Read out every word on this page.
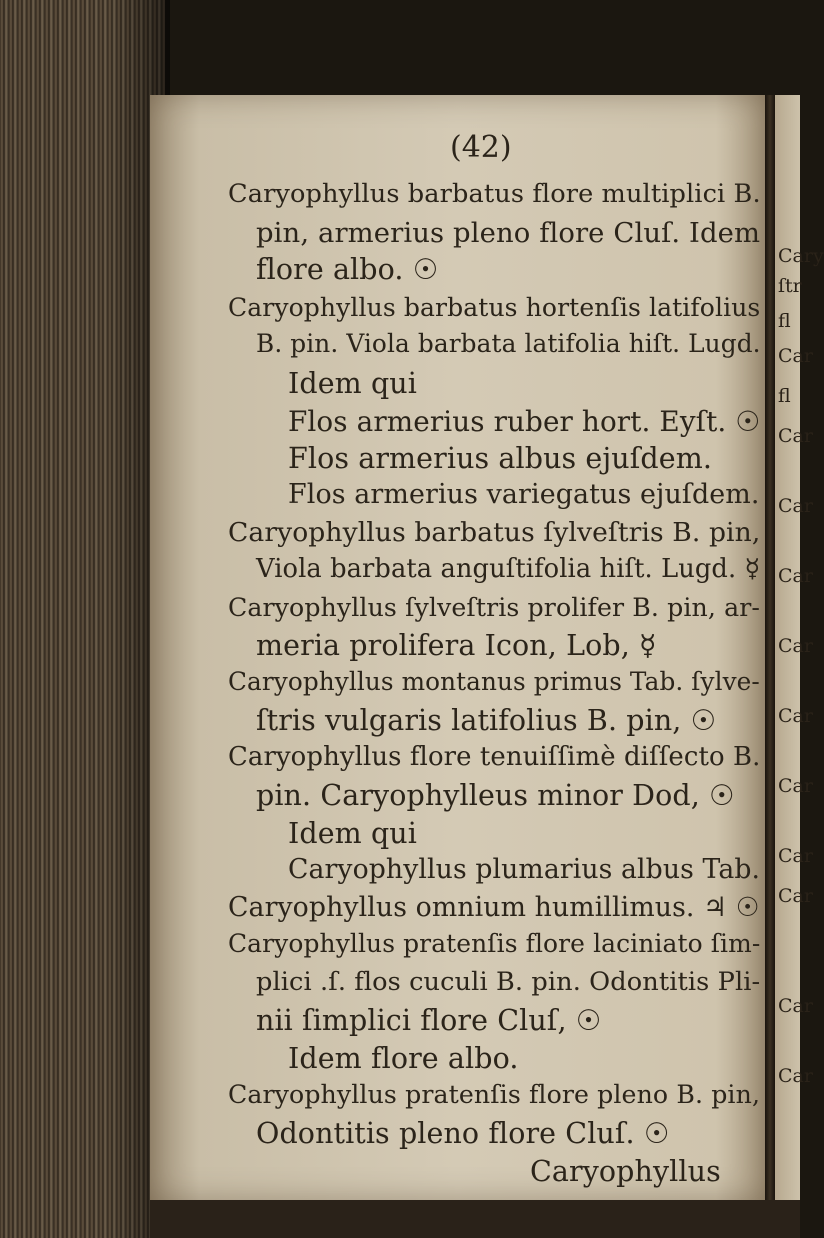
Cary
ſtr
fl
Car
fl
Car
Car
Car
Car
Car
Car
Car
Car
Car
Car

(42)

Caryophyllus barbatus flore multiplici B.

pin, armerius pleno flore Cluſ. Idem

flore albo. ☉

Caryophyllus barbatus hortenſis latifolius

B. pin. Viola barbata latifolia hiſt. Lugd.

Idem qui

Flos armerius ruber hort. Eyſt. ☉

Flos armerius albus ejuſdem.

Flos armerius variegatus ejuſdem.

Caryophyllus barbatus ſylveſtris B. pin,

Viola barbata anguſtifolia hiſt. Lugd. ☿

Caryophyllus ſylveſtris prolifer B. pin, ar-

meria prolifera Icon, Lob, ☿

Caryophyllus montanus primus Tab. ſylve-

ſtris vulgaris latifolius B. pin, ☉

Caryophyllus flore tenuiſſimè diſſecto B.

pin. Caryophylleus minor Dod, ☉

Idem qui

Caryophyllus plumarius albus Tab.

Caryophyllus omnium humillimus. ♃ ☉

Caryophyllus pratenſis flore laciniato ſim-

plici .ſ. flos cuculi B. pin. Odontitis Pli-

nii ſimplici flore Cluſ, ☉

Idem flore albo.

Caryophyllus pratenſis flore pleno B. pin,

Odontitis pleno flore Cluſ. ☉

Caryophyllus
